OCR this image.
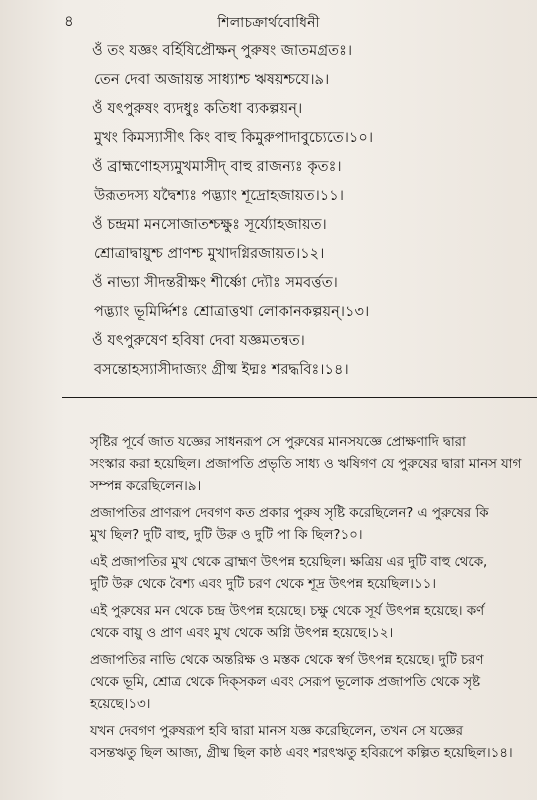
৪	শিলাচক্রার্থবোধিনী
ওঁ তং যজ্ঞং বর্হিষিপ্রৌক্ষন্ পুরুষং জাতমগ্রতঃ।
তেন দেবা অজায়ন্ত সাধ্যাশ্চ ঋষয়শ্চযে।৯।
ওঁ যৎপুরুষং ব্যদধুঃ কতিধা ব্যকল্পয়ন্।
মুখং কিমস্যাসীৎ কিং বাহু কিমুরুপাদাবুচ্যেতে।১০।
ওঁ ব্রাহ্মণোহস্যমুখমাসীদ্ বাহু রাজন্যঃ কৃতঃ।
উরূতদস্য যদ্বৈশ্যঃ পদ্ভ্যাং শূদ্রোহজায়ত।১১।
ওঁ চন্দ্রমা মনসোজাতশ্চক্ষুঃ সূর্য্যোহজায়ত।
শ্রোত্রাদ্বায়ুশ্চ প্রাণশ্চ মুখাদগ্নিরজায়ত।১২।
ওঁ নাভ্যা সীদন্তরীক্ষং শীর্ষ্ণো দ্যৌঃ সমবর্ত্তত।
পদ্ভ্যাং ভূমির্দ্দিশঃ শ্রোত্রাত্তথা লোকানকল্পয়ন্।১৩।
ওঁ যৎপুরুষেণ হবিষা দেবা যজ্ঞমতন্বত।
বসন্তোহস্যাসীদাজ্যং গ্রীষ্ম ইদ্মঃ শরদ্ধবিঃ।১৪।

সৃষ্টির পূর্বে জাত যজ্ঞের সাধনরূপ সে পুরুষের মানসযজ্ঞে প্রোক্ষণাদি দ্বারা
সংস্কার করা হয়েছিল। প্রজাপতি প্রভৃতি সাধ্য ও ঋষিগণ যে পুরুষের দ্বারা মানস যাগ
সম্পন্ন করেছিলেন।৯।

প্রজাপতির প্রাণরূপ দেবগণ কত প্রকার পুরুষ সৃষ্টি করেছিলেন? এ পুরুষের কি
মুখ ছিল? দুটি বাহু, দুটি উরু ও দুটি পা কি ছিল?১০।

এই প্রজাপতির মুখ থেকে ব্রাহ্মণ উৎপন্ন হয়েছিল। ক্ষত্রিয় এর দুটি বাহু থেকে,
দুটি উরু থেকে বৈশ্য এবং দুটি চরণ থেকে শূদ্র উৎপন্ন হয়েছিল।১১।

এই পুরুষের মন থেকে চন্দ্র উৎপন্ন হয়েছে। চক্ষু থেকে সূর্য উৎপন্ন হয়েছে। কর্ণ
থেকে বায়ু ও প্রাণ এবং মুখ থেকে অগ্নি উৎপন্ন হয়েছে।১২।

প্রজাপতির নাভি থেকে অন্তরিক্ষ ও মস্তক থেকে স্বর্গ উৎপন্ন হয়েছে। দুটি চরণ
থেকে ভূমি, শ্রোত্র থেকে দিক্‌সকল এবং সেরূপ ভূলোক প্রজাপতি থেকে সৃষ্ট
হয়েছে।১৩।

যখন দেবগণ পুরুষরূপ হবি দ্বারা মানস যজ্ঞ করেছিলেন, তখন সে যজ্ঞের
বসন্তঋতু ছিল আজ্য, গ্রীষ্ম ছিল কাষ্ঠ এবং শরৎঋতু হবিরূপে কল্পিত হয়েছিল।১৪।
